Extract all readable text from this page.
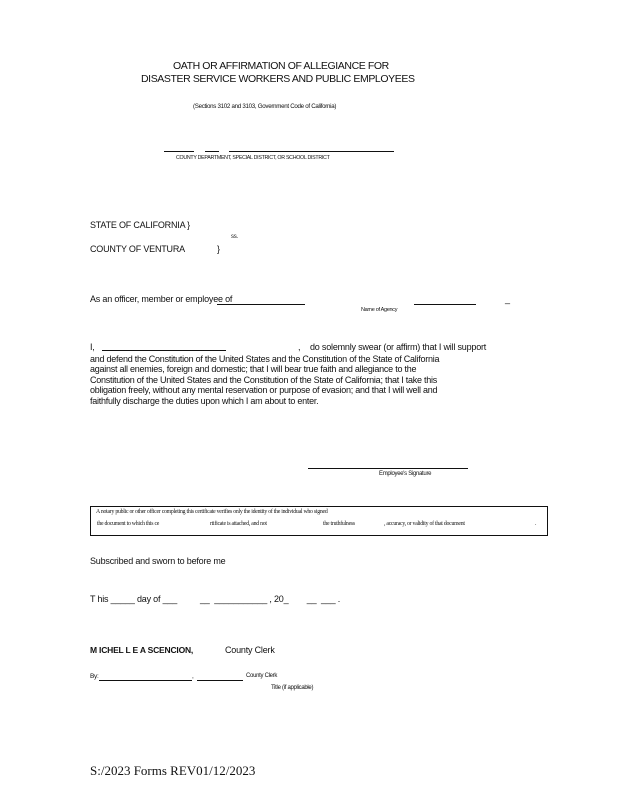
OATH OR AFFIRMATION OF ALLEGIANCE FOR
DISASTER SERVICE WORKERS AND PUBLIC EMPLOYEES
(Sections 3102 and 3103, Government Code of California)
COUNTY DEPARTMENT, SPECIAL DISTRICT, OR SCHOOL DISTRICT
STATE OF CALIFORNIA }
ss.
COUNTY OF VENTURA	}
As an officer, member or employee of	_
Name of Agency
I,	, do solemnly swear (or affirm) that I will support
and defend the Constitution of the United States and the Constitution of the State of California
against all enemies, foreign and domestic; that I will bear true faith and allegiance to the
Constitution of the United States and the Constitution of the State of California; that I take this
obligation freely, without any mental reservation or purpose of evasion; and that I will well and
faithfully discharge the duties upon which I am about to enter.
Employee's Signature
A notary public or other officer completing this certificate verifies only the identity of the individual who signed
the document to which this ce	rtificate is attached, and not	the truthfulness	, accuracy, or validity of that document	.
Subscribed and sworn to before me
T his _____ day of ___          __  ___________ , 20_        __  ___ .
M ICHEL L E A SCENCION,	County Clerk
By:	,	County Clerk
Title (if applicable)
S:/2023 Forms REV01/12/2023
